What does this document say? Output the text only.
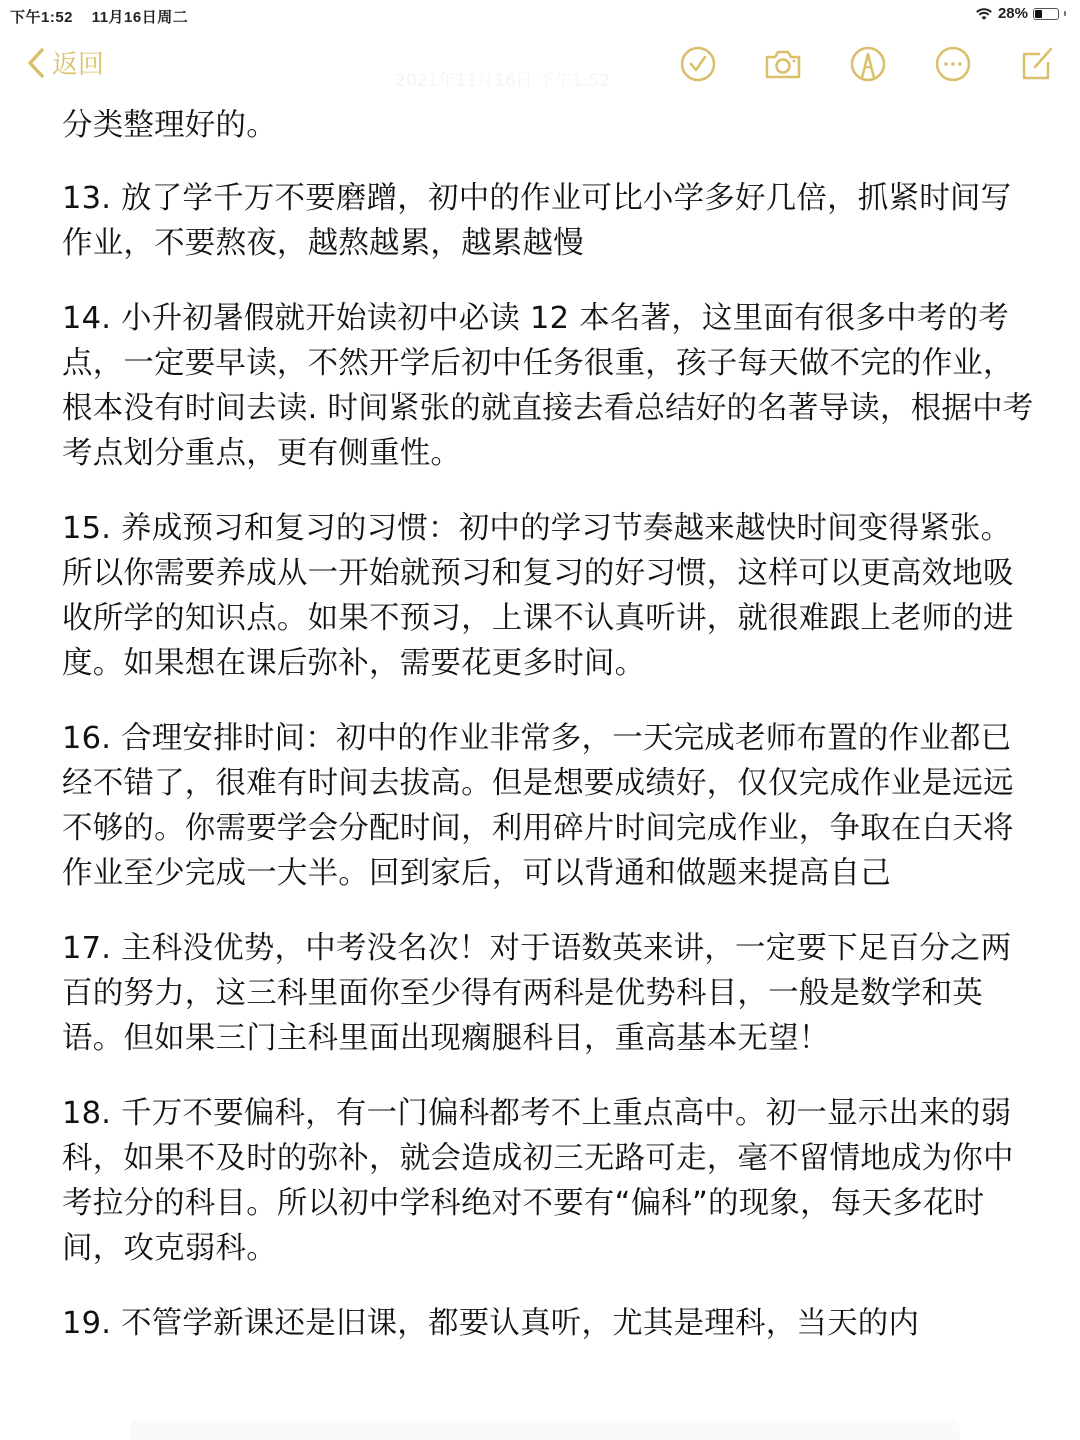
下午1:52 11月16日周二	28%
返回
2021年11月16日 下午1:52

分类整理好的。

13. 放了学千万不要磨蹭，初中的作业可比小学多好几倍，抓紧时间写作业，不要熬夜，越熬越累，越累越慢

14. 小升初暑假就开始读初中必读 12 本名著，这里面有很多中考的考点，一定要早读，不然开学后初中任务很重，孩子每天做不完的作业，根本没有时间去读. 时间紧张的就直接去看总结好的名著导读，根据中考考点划分重点，更有侧重性。

15. 养成预习和复习的习惯：初中的学习节奏越来越快时间变得紧张。所以你需要养成从一开始就预习和复习的好习惯，这样可以更高效地吸收所学的知识点。如果不预习，上课不认真听讲，就很难跟上老师的进度。如果想在课后弥补，需要花更多时间。

16. 合理安排时间：初中的作业非常多，一天完成老师布置的作业都已经不错了，很难有时间去拔高。但是想要成绩好，仅仅完成作业是远远不够的。你需要学会分配时间，利用碎片时间完成作业，争取在白天将作业至少完成一大半。回到家后，可以背通和做题来提高自己

17. 主科没优势，中考没名次！对于语数英来讲，一定要下足百分之两百的努力，这三科里面你至少得有两科是优势科目，一般是数学和英语。但如果三门主科里面出现瘸腿科目，重高基本无望！

18. 千万不要偏科，有一门偏科都考不上重点高中。初一显示出来的弱科，如果不及时的弥补，就会造成初三无路可走，毫不留情地成为你中考拉分的科目。所以初中学科绝对不要有“偏科”的现象，每天多花时间，攻克弱科。

19. 不管学新课还是旧课，都要认真听，尤其是理科，当天的内
